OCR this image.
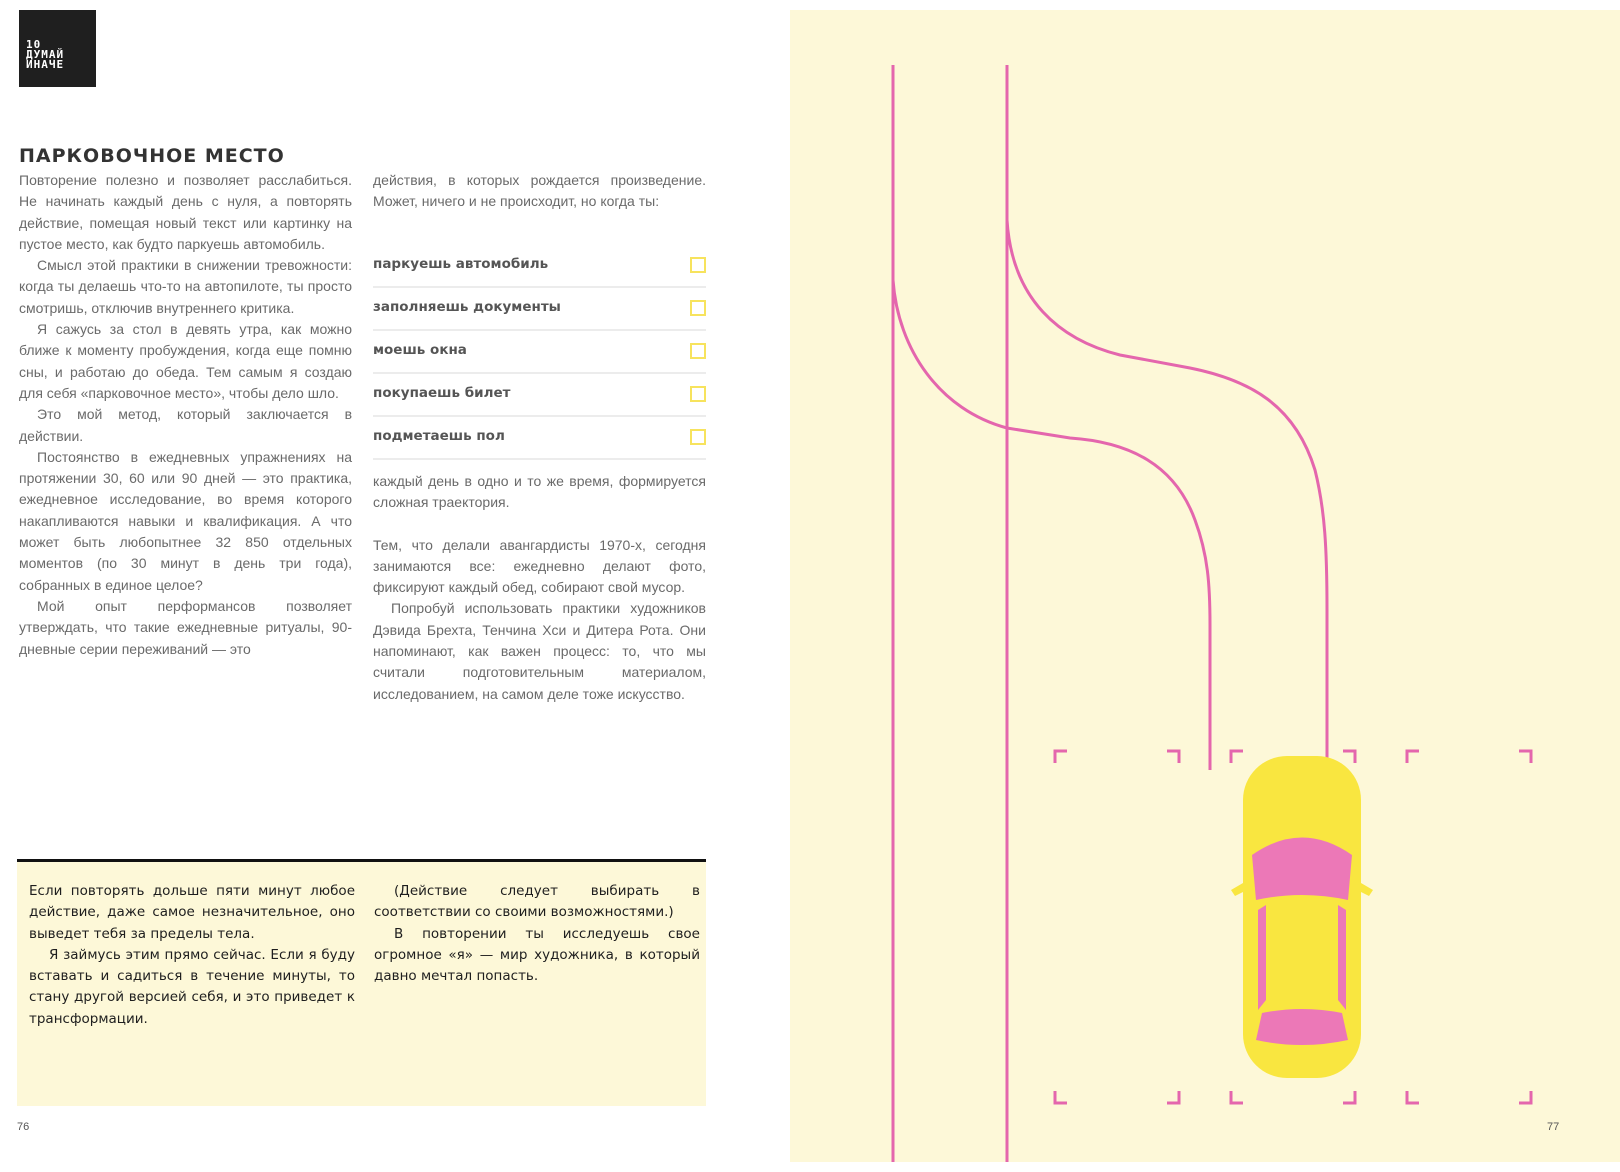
10
ДУМАЙ
ИНАЧЕ
ПАРКОВОЧНОЕ МЕСТО

Повторение полезно и позволяет расслабиться. Не начинать каждый день с нуля, а повторять действие, помещая новый текст или картинку на пустое место, как будто паркуешь автомобиль.

Смысл этой практики в снижении тревожности: когда ты делаешь что-то на автопилоте, ты просто смотришь, отключив внутреннего критика.

Я сажусь за стол в девять утра, как можно ближе к моменту пробуждения, когда еще помню сны, и работаю до обеда. Тем самым я создаю для себя «парковочное место», чтобы дело шло.

Это мой метод, который заключается в действии.

Постоянство в ежедневных упражнениях на протяжении 30, 60 или 90 дней — это практика, ежедневное исследование, во время которого накапливаются навыки и квалификация. А что может быть любопытнее 32 850 отдельных моментов (по 30 минут в день три года), собранных в единое целое?

Мой опыт перформансов позволяет утверждать, что такие ежедневные ритуалы, 90-дневные серии переживаний — это

действия, в которых рождается произведение. Может, ничего и не происходит, но когда ты:

паркуешь автомобиль
заполняешь документы
моешь окна
покупаешь билет
подметаешь пол

каждый день в одно и то же время, формируется сложная траектория.

Тем, что делали авангардисты 1970-х, сегодня занимаются все: ежедневно делают фото, фиксируют каждый обед, собирают свой мусор.

Попробуй использовать практики художников Дэвида Брехта, Тенчина Хси и Дитера Рота. Они напоминают, как важен процесс: то, что мы считали подготовительным материалом, исследованием, на самом деле тоже искусство.

Если повторять дольше пяти минут любое действие, даже самое незначительное, оно выведет тебя за пределы тела.

Я займусь этим прямо сейчас. Если я буду вставать и садиться в течение минуты, то стану другой версией себя, и это приведет к трансформации.

(Действие следует выбирать в соответствии со своими возможностями.)

В повторении ты исследуешь свое огромное «я» — мир художника, в который давно мечтал попасть.

76	77
